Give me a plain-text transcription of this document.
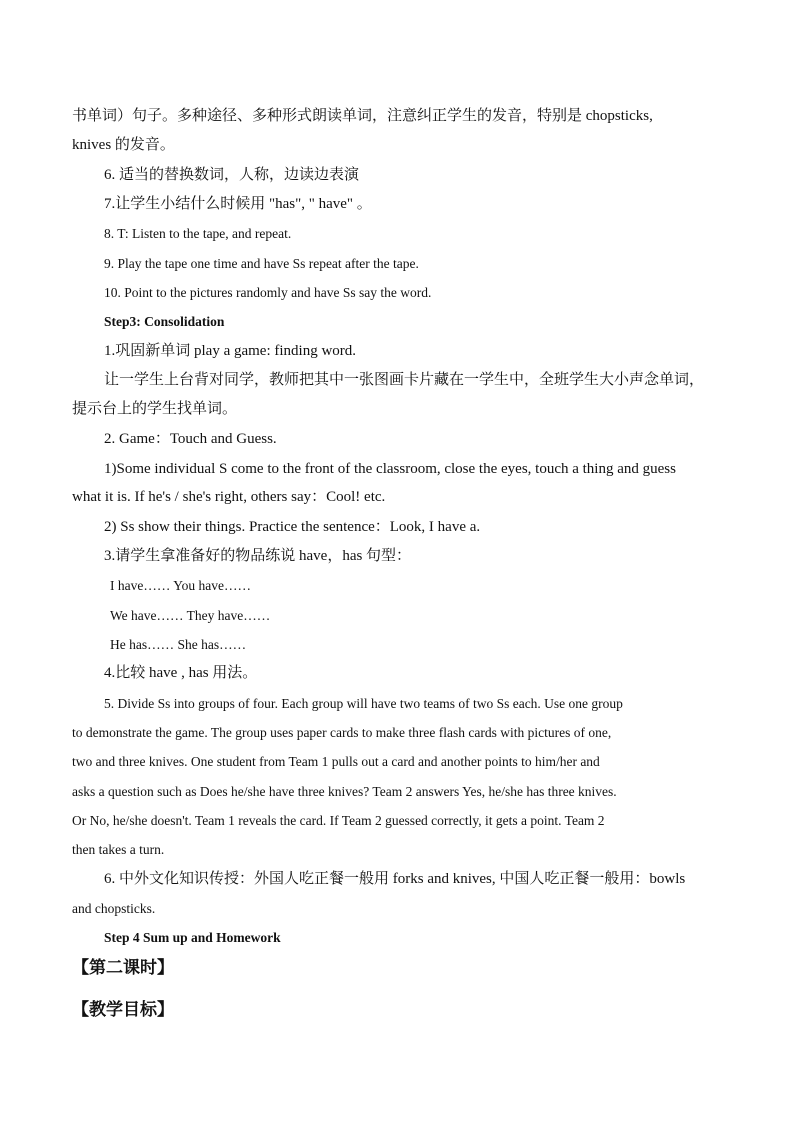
书单词）句子。多种途径、多种形式朗读单词，注意纠正学生的发音，特别是 chopsticks,
knives 的发音。
6. 适当的替换数词，人称，边读边表演
7.让学生小结什么时候用 "has", " have" 。
8. T: Listen to the tape, and repeat.
9. Play the tape one time and have Ss repeat after the tape.
10. Point to the pictures randomly and have Ss say the word.
Step3: Consolidation
1.巩固新单词 play a game: finding word.
让一学生上台背对同学，教师把其中一张图画卡片藏在一学生中，全班学生大小声念单词，
提示台上的学生找单词。
2. Game：Touch and Guess.
1)Some individual S come to the front of the classroom, close the eyes, touch a thing and guess
what it is. If he's / she's right, others say：Cool! etc.
2) Ss show their things. Practice the sentence：Look, I have a.
3.请学生拿准备好的物品练说 have，has 句型：
I have…… You have……
We have…… They have……
He has…… She has……
4.比较 have , has 用法。
5. Divide Ss into groups of four. Each group will have two teams of two Ss each. Use one group
to demonstrate the game. The group uses paper cards to make three flash cards with pictures of one,
two and three knives. One student from Team 1 pulls out a card and another points to him/her and
asks a question such as Does he/she have three knives? Team 2 answers Yes, he/she has three knives.
Or No, he/she doesn't. Team 1 reveals the card. If Team 2 guessed correctly, it gets a point. Team 2
then takes a turn.
6. 中外文化知识传授：外国人吃正餐一般用 forks and knives, 中国人吃正餐一般用：bowls
and chopsticks.
Step 4 Sum up and Homework
【第二课时】
【教学目标】
